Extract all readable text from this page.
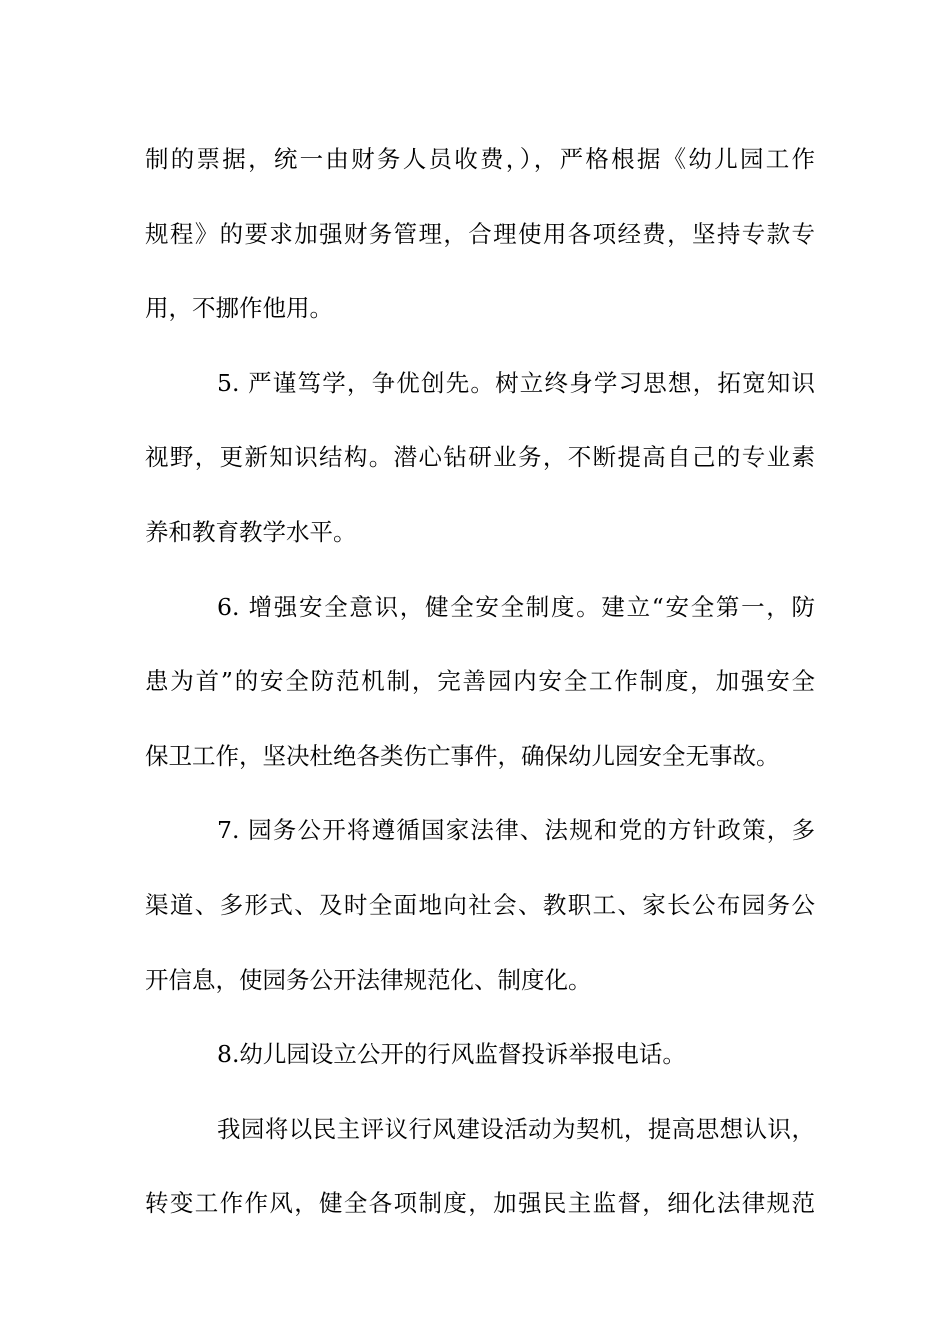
制的票据，统一由财务人员收费，），严格根据《幼儿园工作
规程》的要求加强财务管理，合理使用各项经费，坚持专款专
用，不挪作他用。
5. 严谨笃学，争优创先。树立终身学习思想，拓宽知识
视野，更新知识结构。潜心钻研业务，不断提高自己的专业素
养和教育教学水平。
6. 增强安全意识，健全安全制度。建立“安全第一，防
患为首”的安全防范机制，完善园内安全工作制度，加强安全
保卫工作，坚决杜绝各类伤亡事件，确保幼儿园安全无事故。
7. 园务公开将遵循国家法律、法规和党的方针政策，多
渠道、多形式、及时全面地向社会、教职工、家长公布园务公
开信息，使园务公开法律规范化、制度化。
8.幼儿园设立公开的行风监督投诉举报电话。
我园将以民主评议行风建设活动为契机，提高思想认识，
转变工作作风，健全各项制度，加强民主监督，细化法律规范
